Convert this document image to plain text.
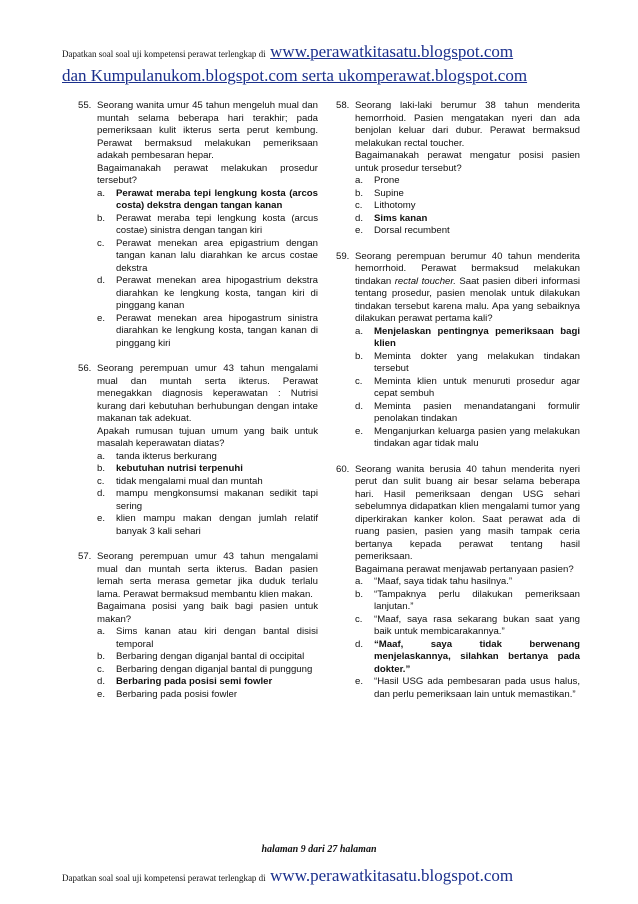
Dapatkan soal soal uji kompetensi perawat terlengkap di www.perawatkitasatu.blogspot.com
dan Kumpulanukom.blogspot.com serta ukomperawat.blogspot.com
55. Seorang wanita umur 45 tahun mengeluh mual dan muntah selama beberapa hari terakhir; pada pemeriksaan kulit ikterus serta perut kembung. Perawat bermaksud melakukan pemeriksaan adakah pembesaran hepar.

Bagaimanakah perawat melakukan prosedur tersebut?

a.	Perawat meraba tepi lengkung kosta (arcos costa) dekstra dengan tangan kanan
b.	Perawat meraba tepi lengkung kosta (arcus costae) sinistra dengan tangan kiri
c.	Perawat menekan area epigastrium dengan tangan kanan lalu diarahkan ke arcus costae dekstra
d.	Perawat menekan area hipogastrium dekstra diarahkan ke lengkung kosta, tangan kiri di pinggang kanan
e.	Perawat menekan area hipogastrum sinistra diarahkan ke lengkung kosta, tangan kanan di pinggang kiri
56. Seorang perempuan umur 43 tahun mengalami mual dan muntah serta ikterus. Perawat menegakkan diagnosis keperawatan : Nutrisi kurang dari kebutuhan berhubungan dengan intake makanan tak adekuat.

Apakah rumusan tujuan umum yang baik untuk masalah keperawatan diatas?

a.	tanda ikterus berkurang
b.	kebutuhan nutrisi terpenuhi
c.	tidak mengalami mual dan muntah
d.	mampu mengkonsumsi makanan sedikit tapi sering
e.	klien mampu makan dengan jumlah relatif banyak 3 kali sehari
57. Seorang perempuan umur 43 tahun mengalami mual dan muntah serta ikterus. Badan pasien lemah serta merasa gemetar jika duduk terlalu lama. Perawat bermaksud membantu klien makan.

Bagaimana posisi yang baik bagi pasien untuk makan?

a.	Sims kanan atau kiri dengan bantal disisi temporal
b.	Berbaring dengan diganjal bantal di occipital
c.	Berbaring dengan diganjal bantal di punggung
d.	Berbaring pada posisi semi fowler
e.	Berbaring pada posisi fowler
58. Seorang laki-laki berumur 38 tahun menderita hemorrhoid. Pasien mengatakan nyeri dan ada benjolan keluar dari dubur. Perawat bermaksud melakukan rectal toucher.

Bagaimanakah perawat mengatur posisi pasien untuk prosedur tersebut?

a.	Prone
b.	Supine
c.	Lithotomy
d.	Sims kanan
e.	Dorsal recumbent
59. Seorang perempuan berumur 40 tahun menderita hemorrhoid. Perawat bermaksud melakukan tindakan rectal toucher. Saat pasien diberi informasi tentang prosedur, pasien menolak untuk dilakukan tindakan tersebut karena malu. Apa yang sebaiknya dilakukan perawat pertama kali?

a.	Menjelaskan pentingnya pemeriksaan bagi klien
b.	Meminta dokter yang melakukan tindakan tersebut
c.	Meminta klien untuk menuruti prosedur agar cepat sembuh
d.	Meminta pasien menandatangani formulir penolakan tindakan
e.	Menganjurkan keluarga pasien yang melakukan tindakan agar tidak malu
60. Seorang wanita berusia 40 tahun menderita nyeri perut dan sulit buang air besar selama beberapa hari. Hasil pemeriksaan dengan USG sehari sebelumnya didapatkan klien mengalami tumor yang diperkirakan kanker kolon. Saat perawat ada di ruang pasien, pasien yang masih tampak ceria bertanya kepada perawat tentang hasil pemeriksaan.

Bagaimana perawat menjawab pertanyaan pasien?

a.	“Maaf, saya tidak tahu hasilnya.”
b.	“Tampaknya perlu dilakukan pemeriksaan lanjutan.”
c.	“Maaf, saya rasa sekarang bukan saat yang baik untuk membicarakannya.”
d.	“Maaf, saya tidak berwenang menjelaskannya, silahkan bertanya pada dokter.”
e.	“Hasil USG ada pembesaran pada usus halus, dan perlu pemeriksaan lain untuk memastikan.”
halaman 9 dari 27 halaman
Dapatkan soal soal uji kompetensi perawat terlengkap di www.perawatkitasatu.blogspot.com
